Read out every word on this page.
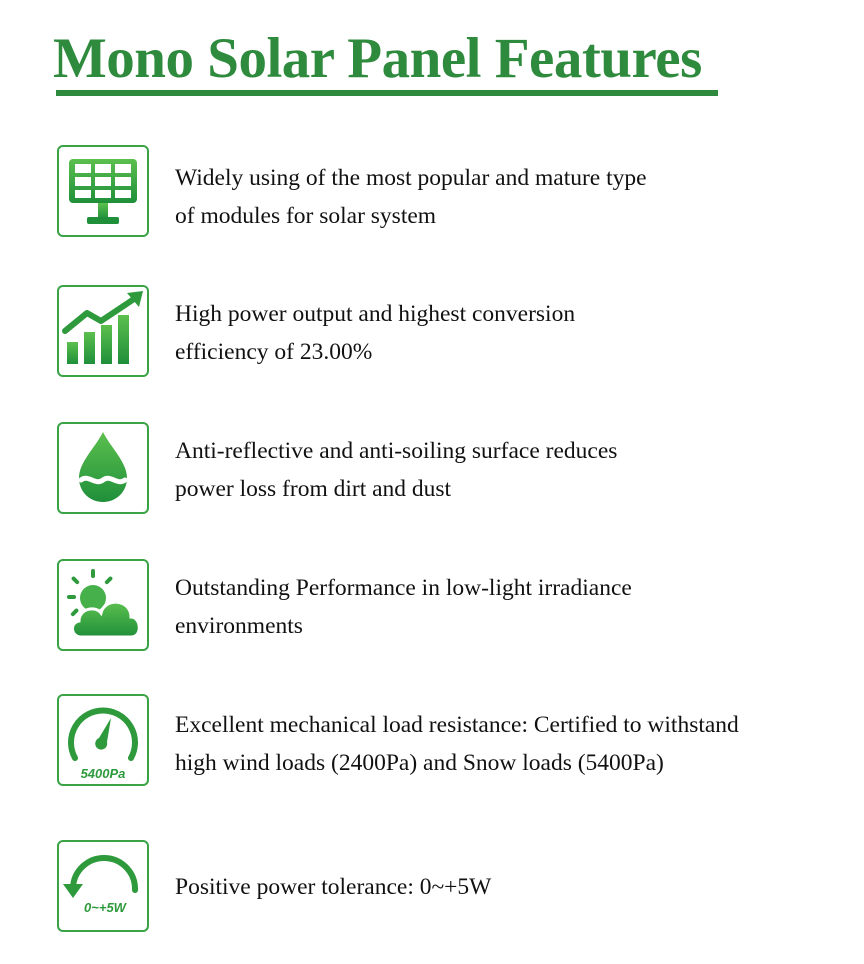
Mono Solar Panel Features
Widely using of the most popular and mature type
of modules for solar system
High power output and highest conversion
efficiency of 23.00%
Anti-reflective and anti-soiling surface reduces
power loss from dirt and dust
Outstanding Performance in low-light irradiance
environments
5400Pa
Excellent mechanical load resistance: Certified to withstand
high wind loads (2400Pa) and Snow loads (5400Pa)
0~+5W
Positive power tolerance: 0~+5W
